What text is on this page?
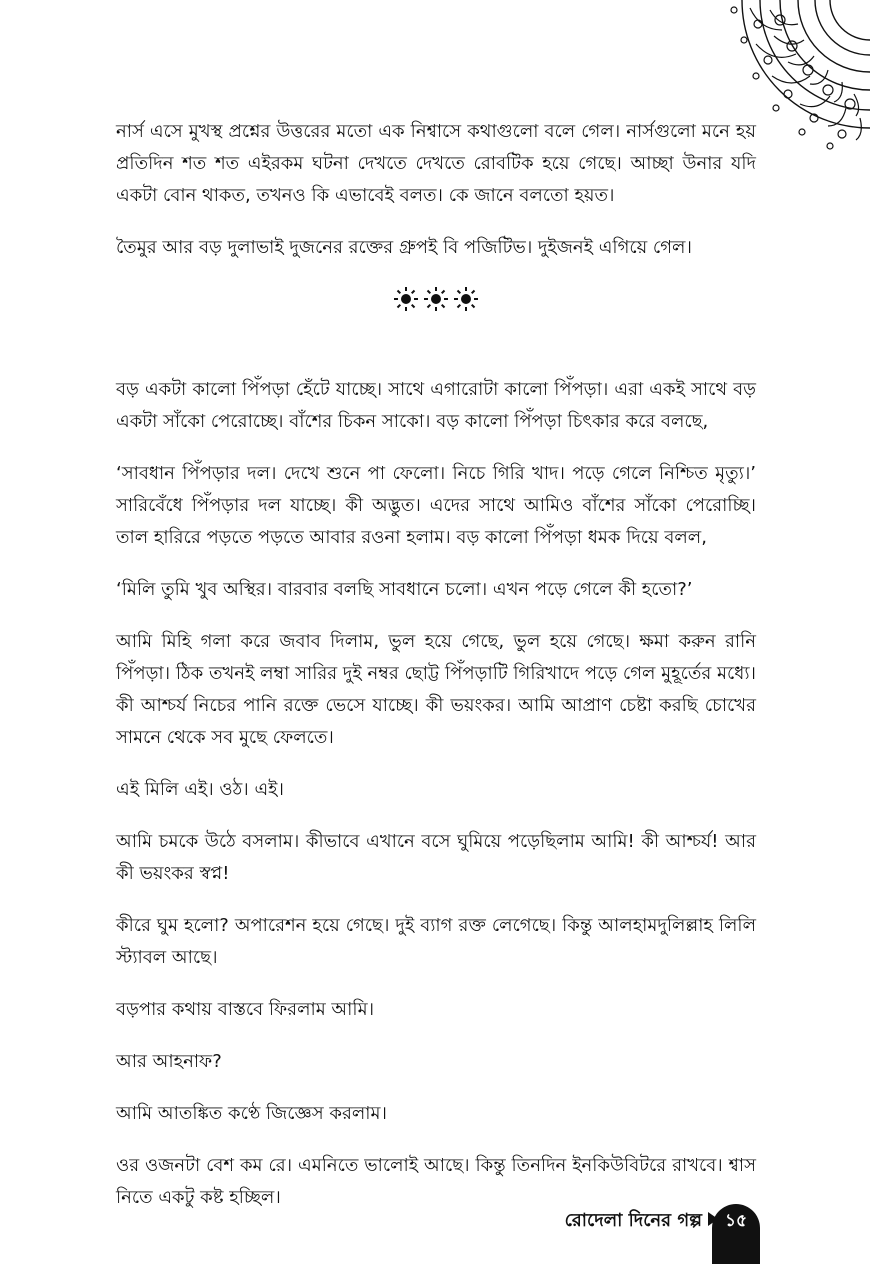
নার্স এসে মুখস্থ প্রশ্নের উত্তরের মতো এক নিশ্বাসে কথাগুলো বলে গেল। নার্সগুলো মনে হয় প্রতিদিন শত শত এইরকম ঘটনা দেখতে দেখতে রোবটিক হয়ে গেছে। আচ্ছা উনার যদি একটা বোন থাকত, তখনও কি এভাবেই বলত। কে জানে বলতো হয়ত।

তৈমুর আর বড় দুলাভাই দুজনের রক্তের গ্রুপই বি পজিটিভ। দুইজনই এগিয়ে গেল।

বড় একটা কালো পিঁপড়া হেঁটে যাচ্ছে। সাথে এগারোটা কালো পিঁপড়া। এরা একই সাথে বড় একটা সাঁকো পেরোচ্ছে। বাঁশের চিকন সাকো। বড় কালো পিঁপড়া চিৎকার করে বলছে,

‘সাবধান পিঁপড়ার দল। দেখে শুনে পা ফেলো। নিচে গিরি খাদ। পড়ে গেলে নিশ্চিত মৃত্যু।’ সারিবেঁধে পিঁপড়ার দল যাচ্ছে। কী অদ্ভুত। এদের সাথে আমিও বাঁশের সাঁকো পেরোচ্ছি। তাল হারিরে পড়তে পড়তে আবার রওনা হলাম। বড় কালো পিঁপড়া ধমক দিয়ে বলল,

‘মিলি তুমি খুব অস্থির। বারবার বলছি সাবধানে চলো। এখন পড়ে গেলে কী হতো?’

আমি মিহি গলা করে জবাব দিলাম, ভুল হয়ে গেছে, ভুল হয়ে গেছে। ক্ষমা করুন রানি পিঁপড়া। ঠিক তখনই লম্বা সারির দুই নম্বর ছোট্ট পিঁপড়াটি গিরিখাদে পড়ে গেল মুহূর্তের মধ্যে। কী আশ্চর্য নিচের পানি রক্তে ভেসে যাচ্ছে। কী ভয়ংকর। আমি আপ্রাণ চেষ্টা করছি চোখের সামনে থেকে সব মুছে ফেলতে।

এই মিলি এই। ওঠ। এই।

আমি চমকে উঠে বসলাম। কীভাবে এখানে বসে ঘুমিয়ে পড়েছিলাম আমি! কী আশ্চর্য! আর কী ভয়ংকর স্বপ্ন!

কীরে ঘুম হলো? অপারেশন হয়ে গেছে। দুই ব্যাগ রক্ত লেগেছে। কিন্তু আলহামদুলিল্লাহ লিলি স্ট্যাবল আছে।

বড়পার কথায় বাস্তবে ফিরলাম আমি।

আর আহনাফ?

আমি আতঙ্কিত কণ্ঠে জিজ্ঞেস করলাম।

ওর ওজনটা বেশ কম রে। এমনিতে ভালোই আছে। কিন্তু তিনদিন ইনকিউবিটরে রাখবে। শ্বাস নিতে একটু কষ্ট হচ্ছিল।

রোদেলা দিনের গল্প	১৫
